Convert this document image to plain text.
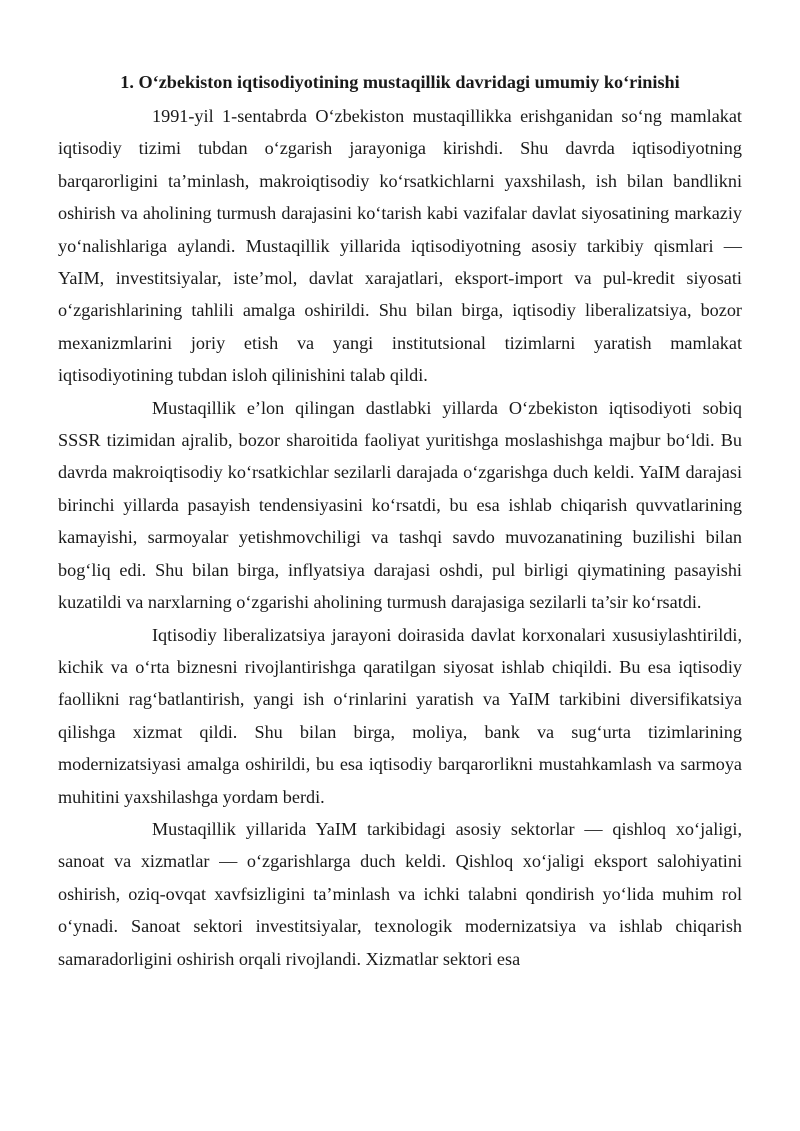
1. O‘zbekiston iqtisodiyotining mustaqillik davridagi umumiy ko‘rinishi

1991-yil 1-sentabrda O‘zbekiston mustaqillikka erishganidan so‘ng mamlakat iqtisodiy tizimi tubdan o‘zgarish jarayoniga kirishdi. Shu davrda iqtisodiyotning barqarorligini ta’minlash, makroiqtisodiy ko‘rsatkichlarni yaxshilash, ish bilan bandlikni oshirish va aholining turmush darajasini ko‘tarish kabi vazifalar davlat siyosatining markaziy yo‘nalishlariga aylandi. Mustaqillik yillarida iqtisodiyotning asosiy tarkibiy qismlari — YaIM, investitsiyalar, iste’mol, davlat xarajatlari, eksport-import va pul-kredit siyosati o‘zgarishlarining tahlili amalga oshirildi. Shu bilan birga, iqtisodiy liberalizatsiya, bozor mexanizmlarini joriy etish va yangi institutsional tizimlarni yaratish mamlakat iqtisodiyotining tubdan isloh qilinishini talab qildi.

Mustaqillik e’lon qilingan dastlabki yillarda O‘zbekiston iqtisodiyoti sobiq SSSR tizimidan ajralib, bozor sharoitida faoliyat yuritishga moslashishga majbur bo‘ldi. Bu davrda makroiqtisodiy ko‘rsatkichlar sezilarli darajada o‘zgarishga duch keldi. YaIM darajasi birinchi yillarda pasayish tendensiyasini ko‘rsatdi, bu esa ishlab chiqarish quvvatlarining kamayishi, sarmoyalar yetishmovchiligi va tashqi savdo muvozanatining buzilishi bilan bog‘liq edi. Shu bilan birga, inflyatsiya darajasi oshdi, pul birligi qiymatining pasayishi kuzatildi va narxlarning o‘zgarishi aholining turmush darajasiga sezilarli ta’sir ko‘rsatdi.

Iqtisodiy liberalizatsiya jarayoni doirasida davlat korxonalari xususiylashtirildi, kichik va o‘rta biznesni rivojlantirishga qaratilgan siyosat ishlab chiqildi. Bu esa iqtisodiy faollikni rag‘batlantirish, yangi ish o‘rinlarini yaratish va YaIM tarkibini diversifikatsiya qilishga xizmat qildi. Shu bilan birga, moliya, bank va sug‘urta tizimlarining modernizatsiyasi amalga oshirildi, bu esa iqtisodiy barqarorlikni mustahkamlash va sarmoya muhitini yaxshilashga yordam berdi.

Mustaqillik yillarida YaIM tarkibidagi asosiy sektorlar — qishloq xo‘jaligi, sanoat va xizmatlar — o‘zgarishlarga duch keldi. Qishloq xo‘jaligi eksport salohiyatini oshirish, oziq-ovqat xavfsizligini ta’minlash va ichki talabni qondirish yo‘lida muhim rol o‘ynadi. Sanoat sektori investitsiyalar, texnologik modernizatsiya va ishlab chiqarish samaradorligini oshirish orqali rivojlandi. Xizmatlar sektori esa
